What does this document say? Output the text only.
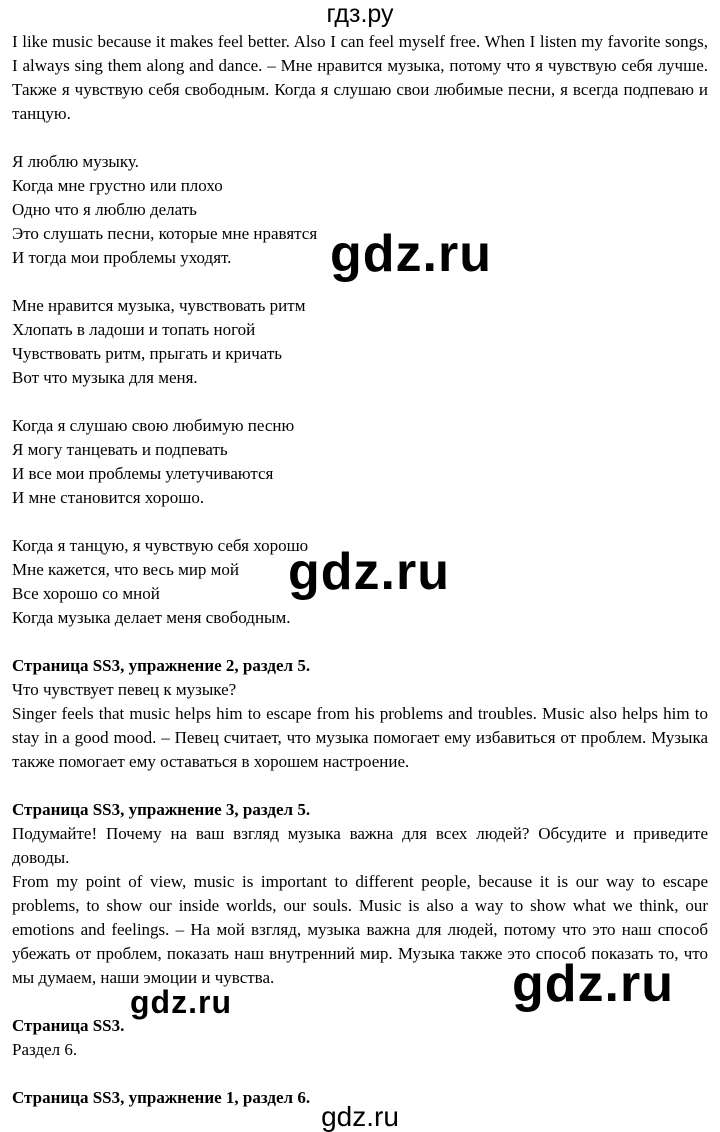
гдз.ру

I like music because it makes feel better. Also I can feel myself free. When I listen my favorite songs, I always sing them along and dance. – Мне нравится музыка, потому что я чувствую себя лучше. Также я чувствую себя свободным. Когда я слушаю свои любимые песни, я всегда подпеваю и танцую.

Я люблю музыку.

Когда мне грустно или плохо

Одно что я люблю делать

Это слушать песни, которые мне нравятся

И тогда мои проблемы уходят.

Мне нравится музыка, чувствовать ритм

Хлопать в ладоши и топать ногой

Чувствовать ритм, прыгать и кричать

Вот что музыка для меня.

Когда я слушаю свою любимую песню

Я могу танцевать и подпевать

И все мои проблемы улетучиваются

И мне становится хорошо.

Когда я танцую, я чувствую себя хорошо

Мне кажется, что весь мир мой

Все хорошо со мной

Когда музыка делает меня свободным.

Страница SS3, упражнение 2, раздел 5.

Что чувствует певец к музыке?

Singer feels that music helps him to escape from his problems and troubles. Music also helps him to stay in a good mood. – Певец считает, что музыка помогает ему избавиться от проблем. Музыка также помогает ему оставаться в хорошем настроение.

Страница SS3, упражнение 3, раздел 5.

Подумайте! Почему на ваш взгляд музыка важна для всех людей? Обсудите и приведите доводы.

From my point of view, music is important to different people, because it is our way to escape problems, to show our inside worlds, our souls. Music is also a way to show what we think, our emotions and feelings. – На мой взгляд, музыка важна для людей, потому что это наш способ убежать от проблем, показать наш внутренний мир. Музыка также это способ показать то, что мы думаем, наши эмоции и чувства.

Страница SS3.

Раздел 6.

Страница SS3, упражнение 1, раздел 6.

gdz.ru
gdz.ru
gdz.ru
gdz.ru
gdz.ru
